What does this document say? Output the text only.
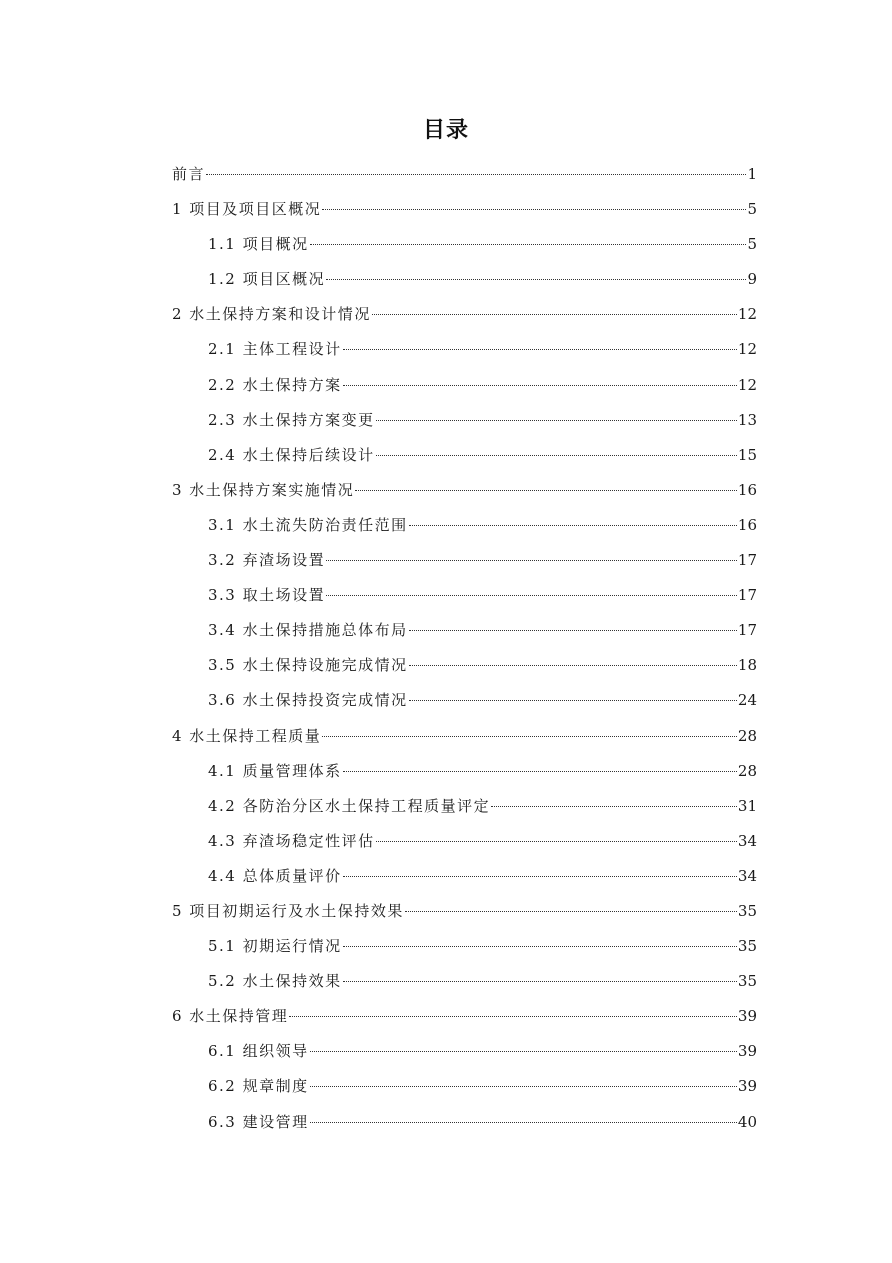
目录
前言	1
1 项目及项目区概况	5
1.1 项目概况	5
1.2 项目区概况	9
2 水土保持方案和设计情况	12
2.1 主体工程设计	12
2.2 水土保持方案	12
2.3 水土保持方案变更	13
2.4 水土保持后续设计	15
3 水土保持方案实施情况	16
3.1 水土流失防治责任范围	16
3.2 弃渣场设置	17
3.3 取土场设置	17
3.4 水土保持措施总体布局	17
3.5 水土保持设施完成情况	18
3.6 水土保持投资完成情况	24
4 水土保持工程质量	28
4.1 质量管理体系	28
4.2 各防治分区水土保持工程质量评定	31
4.3 弃渣场稳定性评估	34
4.4 总体质量评价	34
5 项目初期运行及水土保持效果	35
5.1 初期运行情况	35
5.2 水土保持效果	35
6 水土保持管理	39
6.1 组织领导	39
6.2 规章制度	39
6.3 建设管理	40
